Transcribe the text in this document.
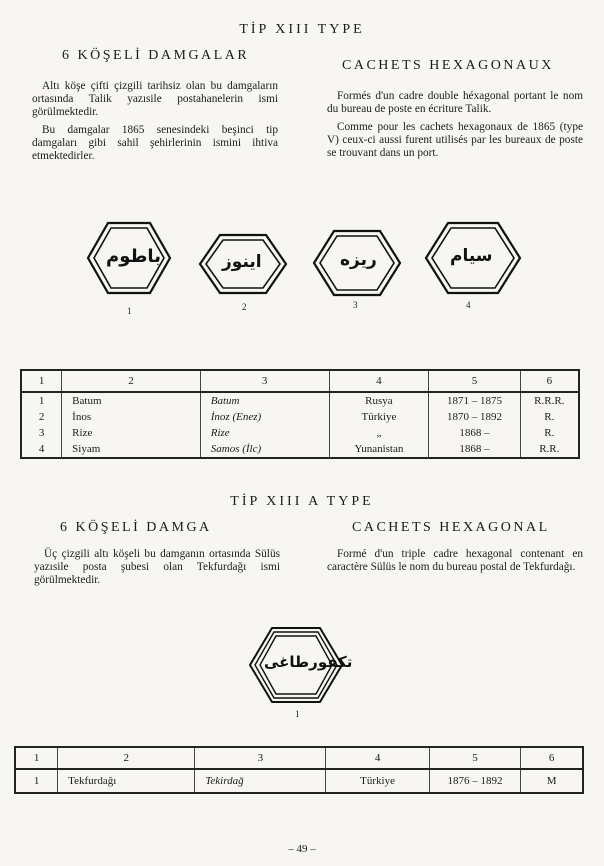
TİP XIII TYPE
6 KÖŞELİ DAMGALAR
CACHETS HEXAGONAUX

Altı köşe çifti çizgili tarihsiz olan bu damgaların ortasında Talik yazısile postahanelerin ismi görülmektedir.

Bu damgalar 1865 senesindeki beşinci tip damgaları gibi sahil şehirlerinin ismini ihtiva etmektedirler.

Formés d'un cadre double héxagonal portant le nom du bureau de poste en écriture Talik.

Comme pour les cachets hexagonaux de 1865 (type V) ceux-ci aussi furent utilisés par les bureaux de poste se trouvant dans un port.

باطوم
1
اينوز
2
ريزه
3
سيام
4
1	2	3	4	5	6
1	Batum	Batum	Rusya	1871 – 1875	R.R.R.
2	İnos	İnoz (Enez)	Türkiye	1870 – 1892	R.
3	Rize	Rize	„	1868 –	R.
4	Siyam	Samos (İlc)	Yunanistan	1868 –	R.R.
TİP XIII A TYPE
6 KÖŞELİ DAMGA	CACHETS HEXAGONAL

Üç çizgili altı köşeli bu damganın ortasında Sülüs yazısile posta şubesi olan Tekfurdağı ismi görülmektedir.

Formé d'un triple cadre hexagonal contenant en caractère Sülüs le nom du bureau postal de Tekfurdağı.

تكفورطاغى
1
1	2	3	4	5	6
1	Tekfurdağı	Tekirdağ	Türkiye	1876 – 1892	M
– 49 –
